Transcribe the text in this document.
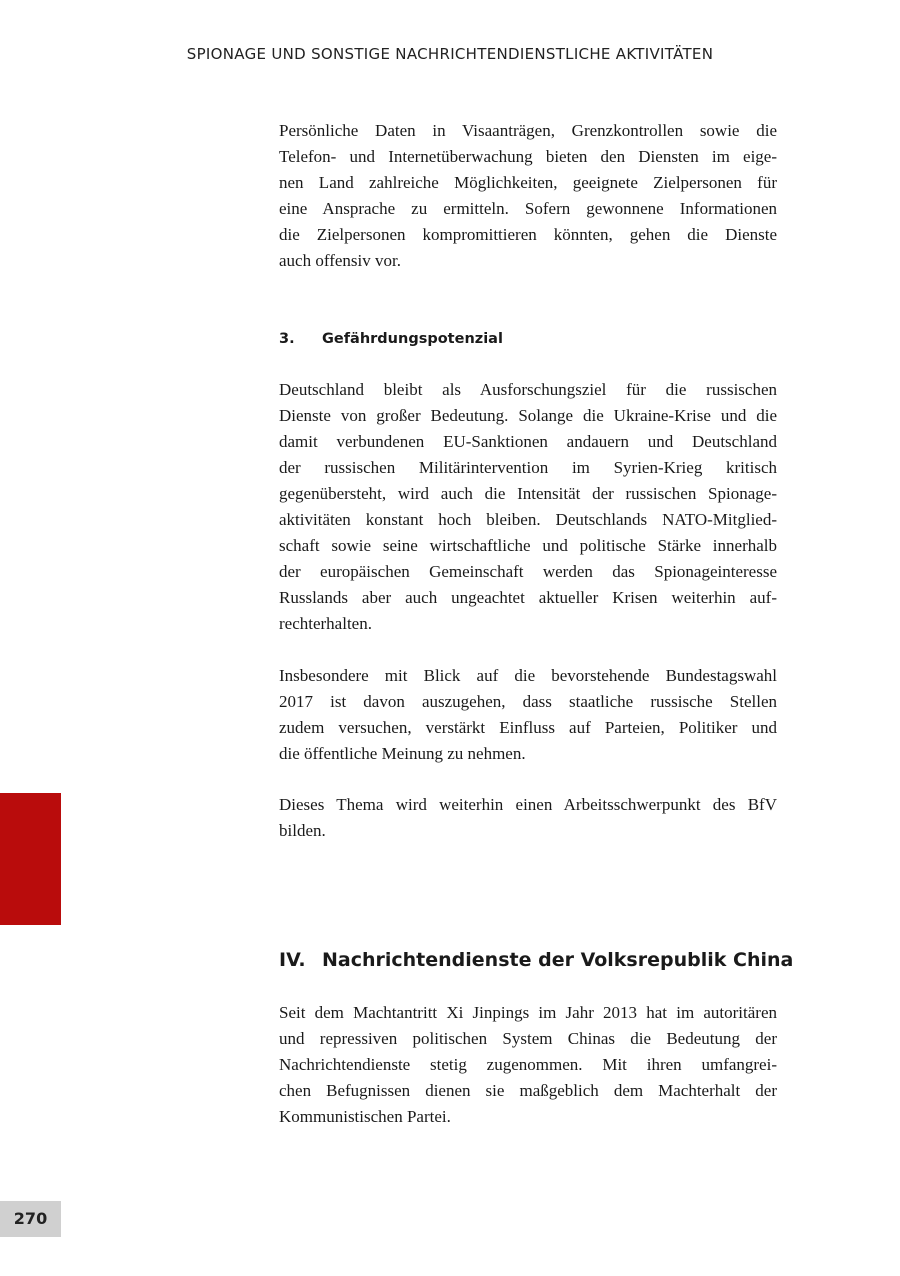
SPIONAGE UND SONSTIGE NACHRICHTENDIENSTLICHE AKTIVITÄTEN
Persönliche Daten in Visaanträgen, Grenzkontrollen sowie die
Telefon- und Internetüberwachung bieten den Diensten im eige-
nen Land zahlreiche Möglichkeiten, geeignete Zielpersonen für
eine Ansprache zu ermitteln. Sofern gewonnene Informationen
die Zielpersonen kompromittieren könnten, gehen die Dienste
auch offensiv vor.
3. Gefährdungspotenzial
Deutschland bleibt als Ausforschungsziel für die russischen
Dienste von großer Bedeutung. Solange die Ukraine-Krise und die
damit verbundenen EU-Sanktionen andauern und Deutschland
der russischen Militärintervention im Syrien-Krieg kritisch
gegenübersteht, wird auch die Intensität der russischen Spionage-
aktivitäten konstant hoch bleiben. Deutschlands NATO-Mitglied-
schaft sowie seine wirtschaftliche und politische Stärke innerhalb
der europäischen Gemeinschaft werden das Spionageinteresse
Russlands aber auch ungeachtet aktueller Krisen weiterhin auf-
rechterhalten.
Insbesondere mit Blick auf die bevorstehende Bundestagswahl
2017 ist davon auszugehen, dass staatliche russische Stellen
zudem versuchen, verstärkt Einfluss auf Parteien, Politiker und
die öffentliche Meinung zu nehmen.
Dieses Thema wird weiterhin einen Arbeitsschwerpunkt des BfV
bilden.
IV. Nachrichtendienste der Volksrepublik China
Seit dem Machtantritt Xi Jinpings im Jahr 2013 hat im autoritären
und repressiven politischen System Chinas die Bedeutung der
Nachrichtendienste stetig zugenommen. Mit ihren umfangrei-
chen Befugnissen dienen sie maßgeblich dem Machterhalt der
Kommunistischen Partei.
270
